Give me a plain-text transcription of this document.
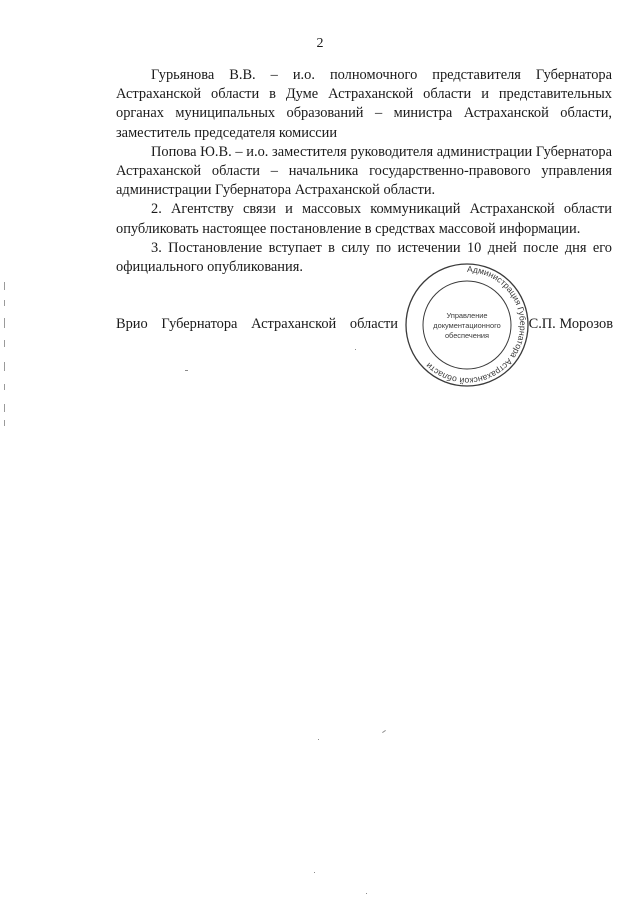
2

Гурьянова В.В. – и.о. полномочного представителя Губернатора Астраханской области в Думе Астраханской области и представительных органах муниципальных образований – министра Астраханской области, заместитель председателя комиссии

Попова Ю.В. – и.о. заместителя руководителя администрации Губернатора Астраханской области – начальника государственно-правового управления администрации Губернатора Астраханской области.

2. Агентству связи и массовых коммуникаций Астраханской области опубликовать настоящее постановление в средствах массовой информации.

3. Постановление вступает в силу по истечении 10 дней после дня его официального опубликования.

Врио Губернатора Астраханской области	С.П. Морозов
Администрация Губернатора Астраханской области
Управление
документационного
обеспечения
